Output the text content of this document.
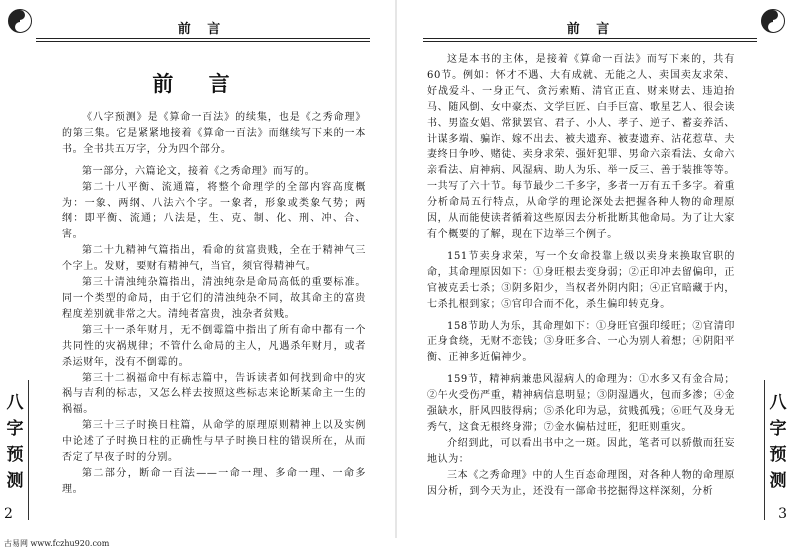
前 言
前 言

《八字预测》是《算命一百法》的续集，也是《之秀命理》的第三集。它是紧紧地接着《算命一百法》而继续写下来的一本书。全书共五万字，分为四个部分。

第一部分，六篇论文，接着《之秀命理》而写的。

第二十八平衡、流通篇，将整个命理学的全部内容高度概为：一象、两纲、八法六个字。一象者，形象或类象气势；两纲：即平衡、流通；八法是，生、克、制、化、刑、冲、合、害。

第二十九精神气篇指出，看命的贫富贵贱，全在于精神气三个字上。发财，要财有精神气，当官，须官得精神气。

第三十清浊纯杂篇指出，清浊纯杂是命局高低的重要标准。同一个类型的命局，由于它们的清浊纯杂不同，故其命主的富贵程度差别就非常之大。清纯者富贵，浊杂者贫贱。

第三十一杀年财月，无不倒霉篇中指出了所有命中都有一个共同性的灾祸规律；不管什么命局的主人，凡遇杀年财月，或者杀运财年，没有不倒霉的。

第三十二祸福命中有标志篇中，告诉读者如何找到命中的灾祸与吉利的标志，又怎么样去按照这些标志来论断某命主一生的祸福。

第三十三子时换日柱篇，从命学的原理原则精神上以及实例中论述了子时换日柱的正确性与早子时换日柱的错误所在，从而否定了早夜子时的分别。

第二部分，断命一百法——一命一理、多命一理、一命多理。

八
字
预
测
2
前 言

这是本书的主体，是接着《算命一百法》而写下来的，共有60节。例如：怀才不遇、大有成就、无能之人、卖国卖友求荣、好战爱斗、一身正气、贪污索贿、清官正直、财来财去、违迫抬马、随风倒、女中豪杰、文学巨匠、白手巨富、歌星艺人、很会读书、男盗女娼、常狱罢官、君子、小人、孝子、逆子、蓄妾养活、计谋多端、骗诈、嫁不出去、被夫遗弃、被妻遗弃、沾花惹草、夫妻终日争吵、赌徒、卖身求荣、强奸犯罪、男命六亲看法、女命六亲看法、肩神病、风湿病、助人为乐、举一反三、善于装推等等。一共写了六十节。每节最少二千多字，多者一万有五千多字。着重分析命局五行特点，从命学的理论深处去把握各种人物的命理原因，从而能使读者循着这些原因去分析批断其他命局。为了让大家有个概要的了解，现在下边举三个例子。

151节卖身求荣，写一个女命投靠上级以卖身来换取官职的命，其命理原因如下：①身旺根去变身弱；②正印冲去留偏印，正官被克丢七杀；③阴多阳少，当权者外阴内阳；④正官暗藏于内，七杀扎根到家；⑤官印合而不化，杀生偏印转克身。

158节助人为乐，其命理如下：①身旺官强印绥旺；②官清印正身食绕，无财不恋钱；③身旺多合、一心为别人着想；④阴阳平衡、正神多近偏神少。

159节，精神病兼患风湿病人的命理为：①水多又有金合局；②午火受伤严重，精神病信息明显；③阴湿遇火，包而多渗；④金强缺水，肝风四肢得病；⑤杀化印为忌，贫贱孤残；⑥旺气及身无秀气，这食无根终身滞；⑦金水偏枯过旺，犯旺则重灾。

介绍到此，可以看出书中之一斑。因此，笔者可以骄傲而狂妄地认为：

三本《之秀命理》中的人生百态命理图，对各种人物的命理原因分析，到今天为止，还没有一部命书挖掘得这样深刻，分析

八
字
预
测
3
古易网 www.fczhu920.com
